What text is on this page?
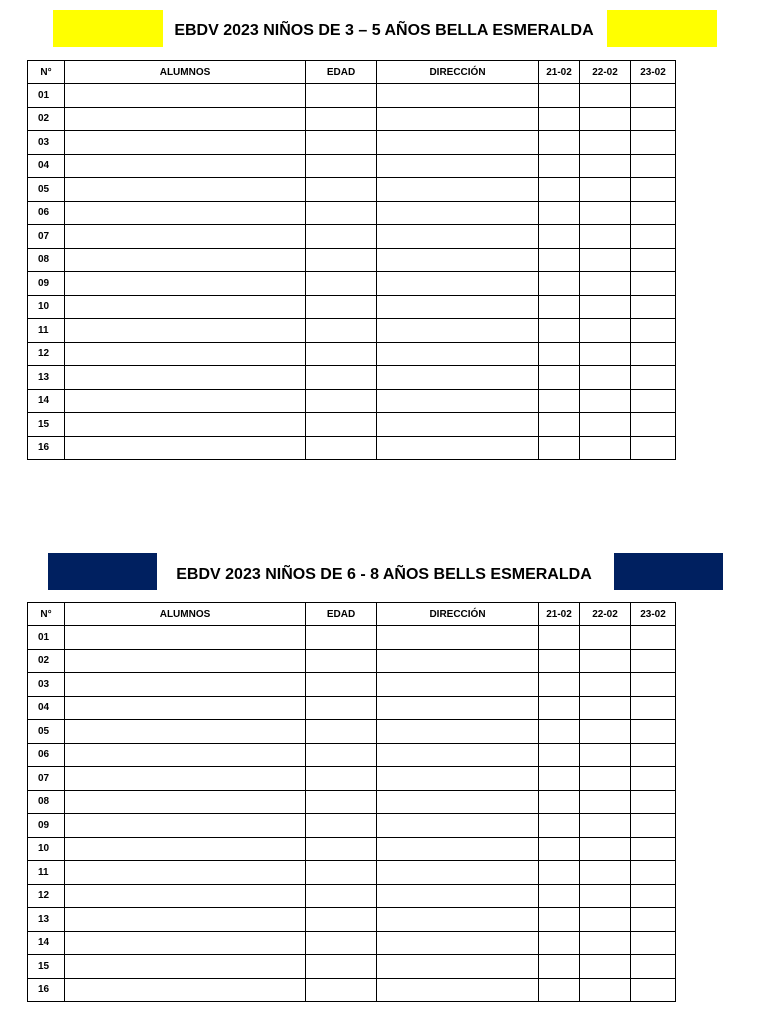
EBDV 2023 NIÑOS DE 3 – 5 AÑOS BELLA ESMERALDA
N°	ALUMNOS	EDAD	DIRECCIÓN	21-02	22-02	23-02
01						
02						
03						
04						
05						
06						
07						
08						
09						
10						
11						
12						
13						
14						
15						
16						
EBDV 2023 NIÑOS DE 6 - 8 AÑOS BELLS ESMERALDA
N°	ALUMNOS	EDAD	DIRECCIÓN	21-02	22-02	23-02
01						
02						
03						
04						
05						
06						
07						
08						
09						
10						
11						
12						
13						
14						
15						
16						
